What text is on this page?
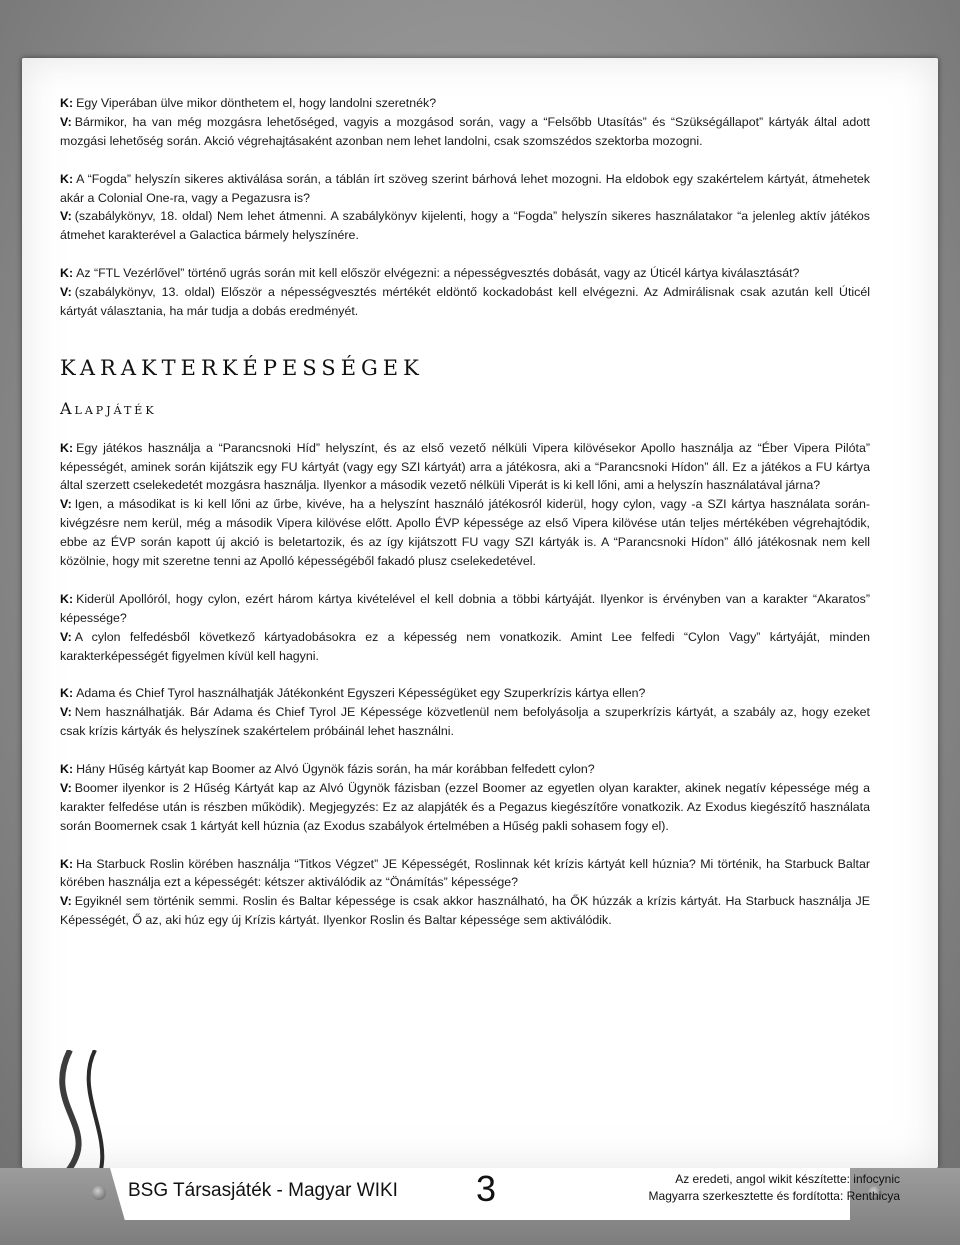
K: Egy Viperában ülve mikor dönthetem el, hogy landolni szeretnék?

V: Bármikor, ha van még mozgásra lehetőséged, vagyis a mozgásod során, vagy a “Felsőbb Utasítás” és “Szükségállapot” kártyák által adott mozgási lehetőség során. Akció végrehajtásaként azonban nem lehet landolni, csak szomszédos szektorba mozogni.

K: A “Fogda” helyszín sikeres aktiválása során, a táblán írt szöveg szerint bárhová lehet mozogni. Ha eldobok egy szakértelem kártyát, átmehetek akár a Colonial One-ra, vagy a Pegazusra is?

V: (szabálykönyv, 18. oldal) Nem lehet átmenni. A szabálykönyv kijelenti, hogy a “Fogda” helyszín sikeres használatakor “a jelenleg aktív játékos átmehet karakterével a Galactica bármely helyszínére.

K: Az “FTL Vezérlővel” történő ugrás során mit kell először elvégezni: a népességvesztés dobását, vagy az Úticél kártya kiválasztását?

V: (szabálykönyv, 13. oldal) Először a népességvesztés mértékét eldöntő kockadobást kell elvégezni. Az Admirálisnak csak azután kell Úticél kártyát választania, ha már tudja a dobás eredményét.

KARAKTERKÉPESSÉGEK
Alapjáték

K: Egy játékos használja a “Parancsnoki Híd” helyszínt, és az első vezető nélküli Vipera kilövésekor Apollo használja az “Éber Vipera Pilóta” képességét, aminek során kijátszik egy FU kártyát (vagy egy SZI kártyát) arra a játékosra, aki a “Parancsnoki Hídon” áll. Ez a játékos a FU kártya által szerzett cselekedetét mozgásra használja. Ilyenkor a második vezető nélküli Viperát is ki kell lőni, ami a helyszín használatával járna?

V: Igen, a másodikat is ki kell lőni az űrbe, kivéve, ha a helyszínt használó játékosról kiderül, hogy cylon, vagy -a SZI kártya használata során- kivégzésre nem kerül, még a második Vipera kilövése előtt. Apollo ÉVP képessége az első Vipera kilövése után teljes mértékében végrehajtódik, ebbe az ÉVP során kapott új akció is beletartozik, és az így kijátszott FU vagy SZI kártyák is. A “Parancsnoki Hídon” álló játékosnak nem kell közölnie, hogy mit szeretne tenni az Apolló képességéből fakadó plusz cselekedetével.

K: Kiderül Apollóról, hogy cylon, ezért három kártya kivételével el kell dobnia a többi kártyáját. Ilyenkor is érvényben van a karakter “Akaratos” képessége?

V: A cylon felfedésből következő kártyadobásokra ez a képesség nem vonatkozik. Amint Lee felfedi “Cylon Vagy” kártyáját, minden karakterképességét figyelmen kívül kell hagyni.

K: Adama és Chief Tyrol használhatják Játékonként Egyszeri Képességüket egy Szuperkrízis kártya ellen?

V: Nem használhatják. Bár Adama és Chief Tyrol JE Képessége közvetlenül nem befolyásolja a szuperkrízis kártyát, a szabály az, hogy ezeket csak krízis kártyák és helyszínek szakértelem próbáinál lehet használni.

K: Hány Hűség kártyát kap Boomer az Alvó Ügynök fázis során, ha már korábban felfedett cylon?

V: Boomer ilyenkor is 2 Hűség Kártyát kap az Alvó Ügynök fázisban (ezzel Boomer az egyetlen olyan karakter, akinek negatív képessége még a karakter felfedése után is részben működik). Megjegyzés: Ez az alapjáték és a Pegazus kiegészítőre vonatkozik. Az Exodus kiegészítő használata során Boomernek csak 1 kártyát kell húznia (az Exodus szabályok értelmében a Hűség pakli sohasem fogy el).

K: Ha Starbuck Roslin körében használja “Titkos Végzet” JE Képességét, Roslinnak két krízis kártyát kell húznia? Mi történik, ha Starbuck Baltar körében használja ezt a képességét: kétszer aktiválódik az “Önámítás” képessége?

V: Egyiknél sem történik semmi. Roslin és Baltar képessége is csak akkor használható, ha ŐK húzzák a krízis kártyát. Ha Starbuck használja JE Képességét, Ő az, aki húz egy új Krízis kártyát. Ilyenkor Roslin és Baltar képessége sem aktiválódik.

BSG Társasjáték - Magyar WIKI 3	Az eredeti, angol wikit készítette: infocynic
Magyarra szerkesztette és fordította: Renthicya
